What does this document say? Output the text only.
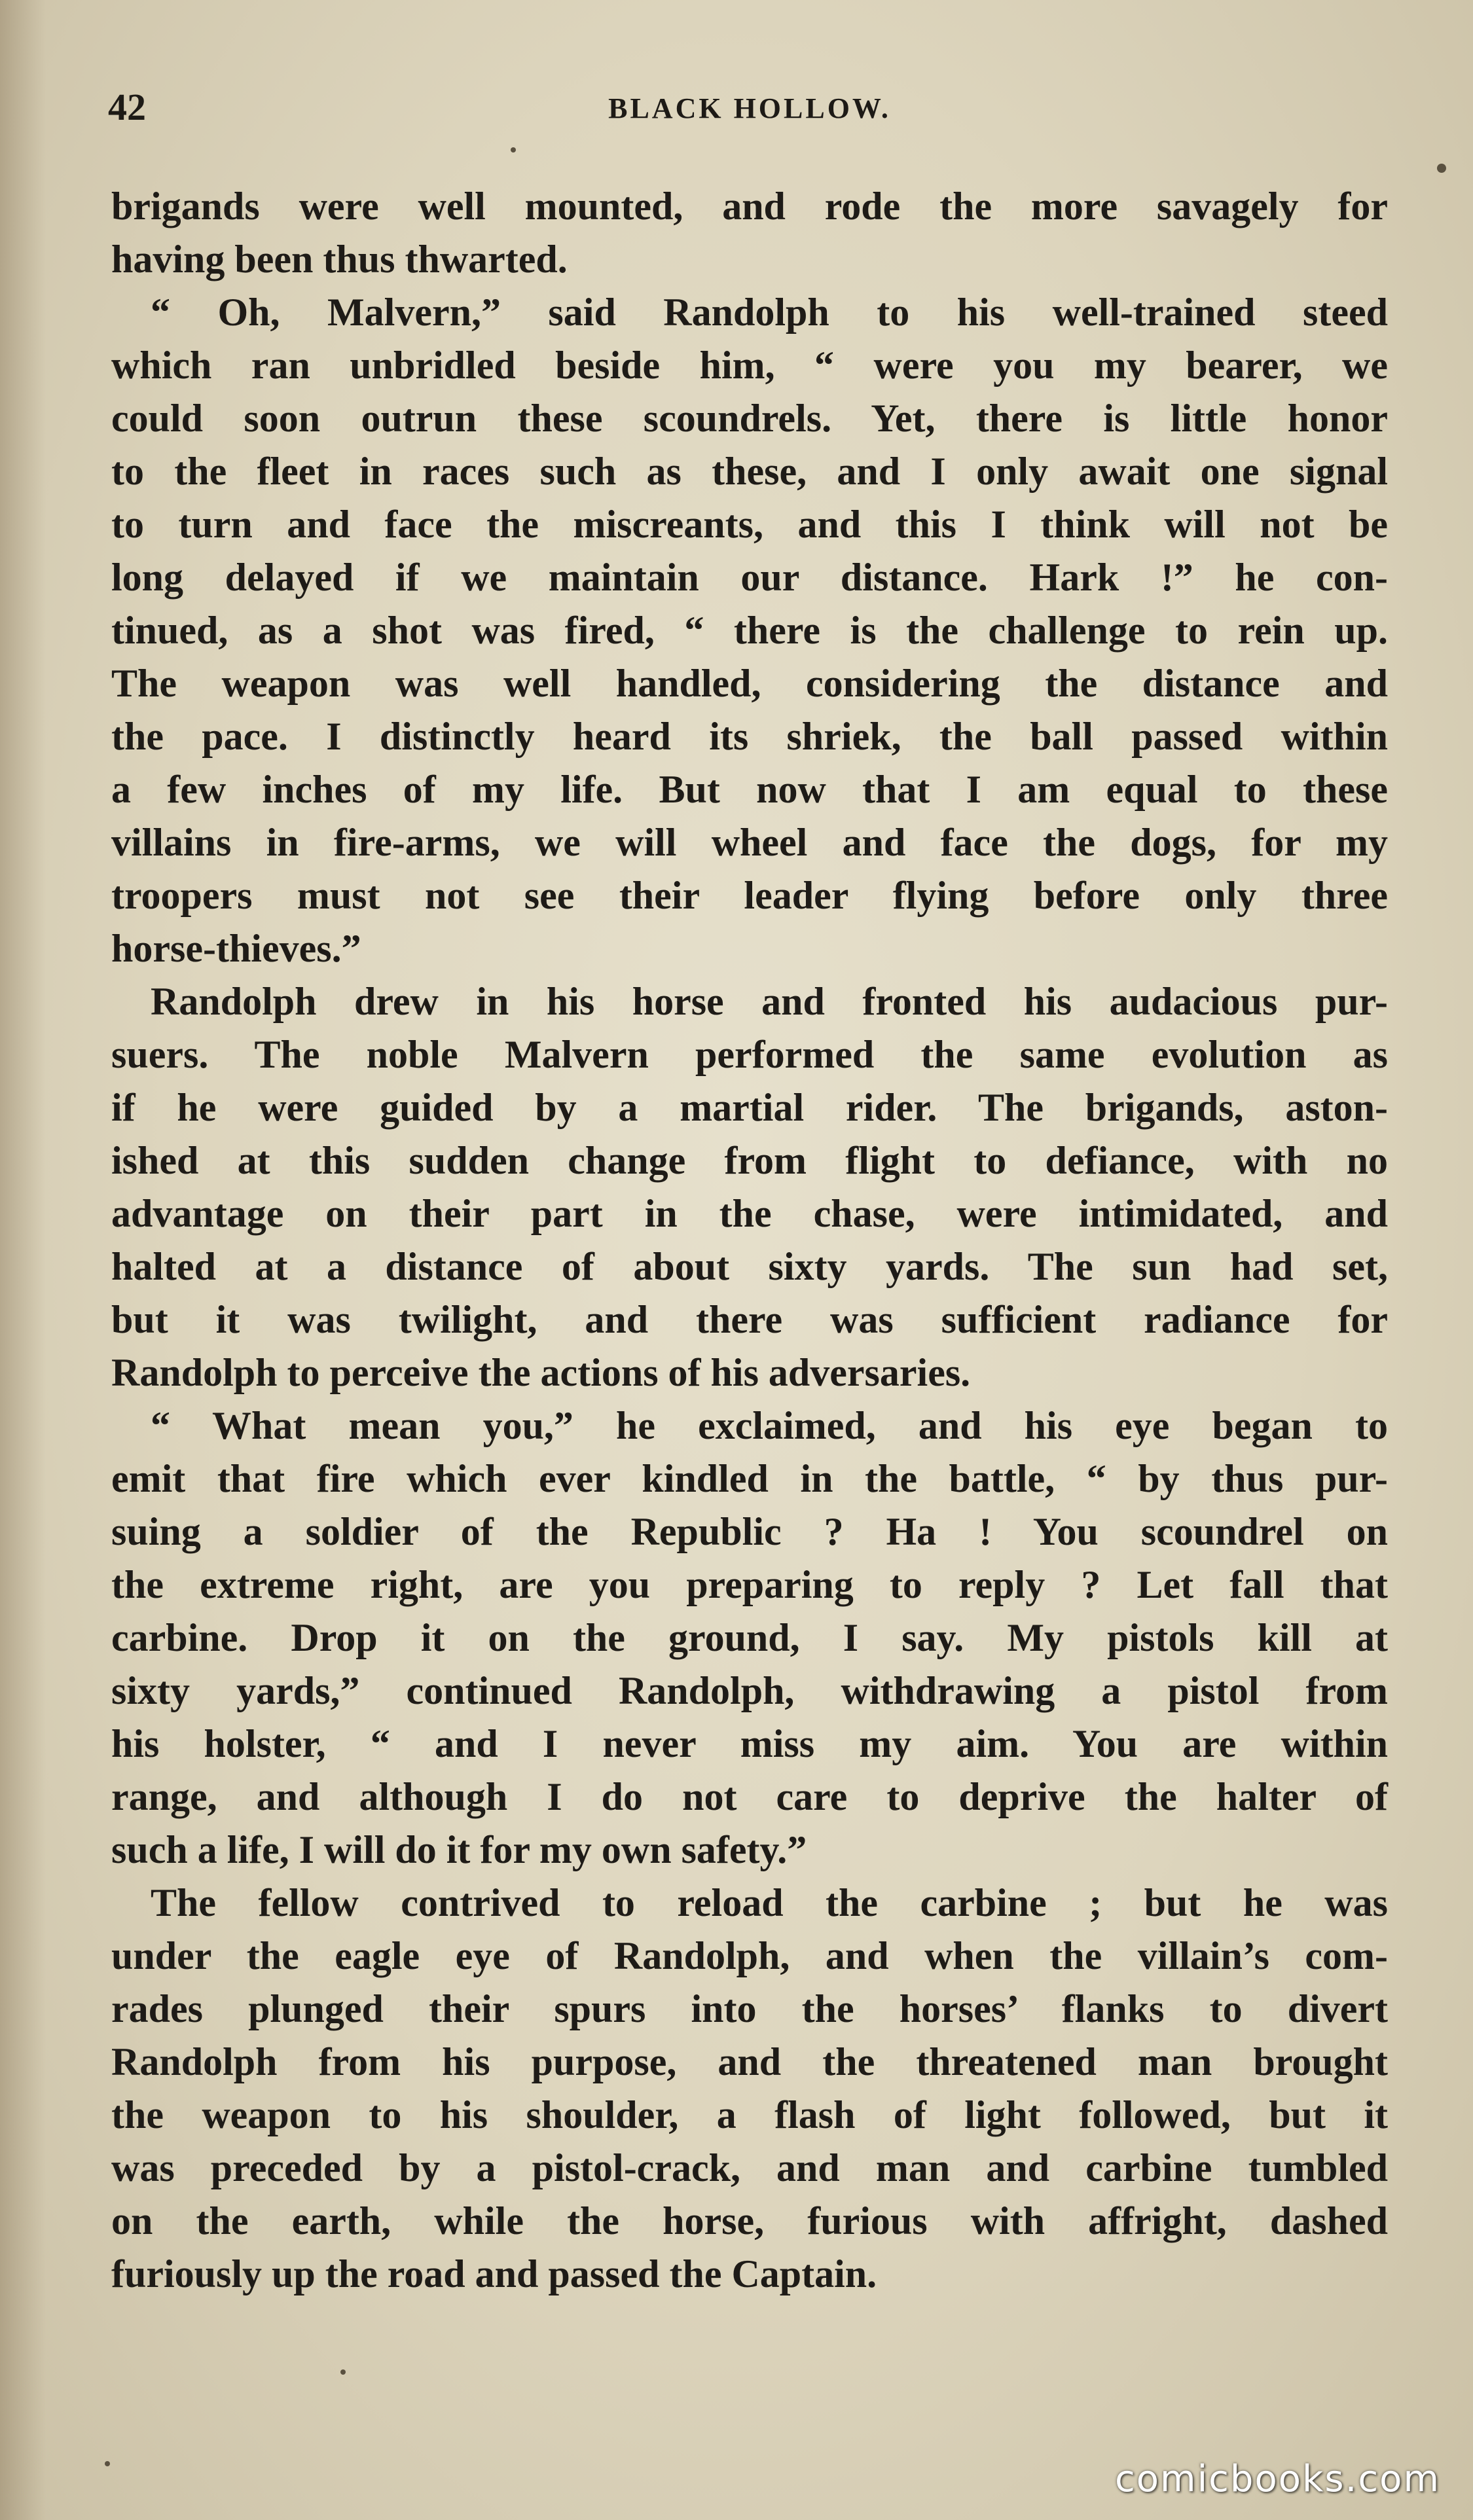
42	BLACK HOLLOW.
brigands were well mounted, and rode the more savagely for
having been thus thwarted.
“ Oh, Malvern,” said Randolph to his well-trained steed
which ran unbridled beside him, “ were you my bearer, we
could soon outrun these scoundrels. Yet, there is little honor
to the fleet in races such as these, and I only await one signal
to turn and face the miscreants, and this I think will not be
long delayed if we maintain our distance. Hark !” he con-
tinued, as a shot was fired, “ there is the challenge to rein up.
The weapon was well handled, considering the distance and
the pace. I distinctly heard its shriek, the ball passed within
a few inches of my life. But now that I am equal to these
villains in fire-arms, we will wheel and face the dogs, for my
troopers must not see their leader flying before only three
horse-thieves.”
Randolph drew in his horse and fronted his audacious pur-
suers. The noble Malvern performed the same evolution as
if he were guided by a martial rider. The brigands, aston-
ished at this sudden change from flight to defiance, with no
advantage on their part in the chase, were intimidated, and
halted at a distance of about sixty yards. The sun had set,
but it was twilight, and there was sufficient radiance for
Randolph to perceive the actions of his adversaries.
“ What mean you,” he exclaimed, and his eye began to
emit that fire which ever kindled in the battle, “ by thus pur-
suing a soldier of the Republic ? Ha ! You scoundrel on
the extreme right, are you preparing to reply ? Let fall that
carbine. Drop it on the ground, I say. My pistols kill at
sixty yards,” continued Randolph, withdrawing a pistol from
his holster, “ and I never miss my aim. You are within
range, and although I do not care to deprive the halter of
such a life, I will do it for my own safety.”
The fellow contrived to reload the carbine ; but he was
under the eagle eye of Randolph, and when the villain’s com-
rades plunged their spurs into the horses’ flanks to divert
Randolph from his purpose, and the threatened man brought
the weapon to his shoulder, a flash of light followed, but it
was preceded by a pistol-crack, and man and carbine tumbled
on the earth, while the horse, furious with affright, dashed
furiously up the road and passed the Captain.
comicbooks.com
